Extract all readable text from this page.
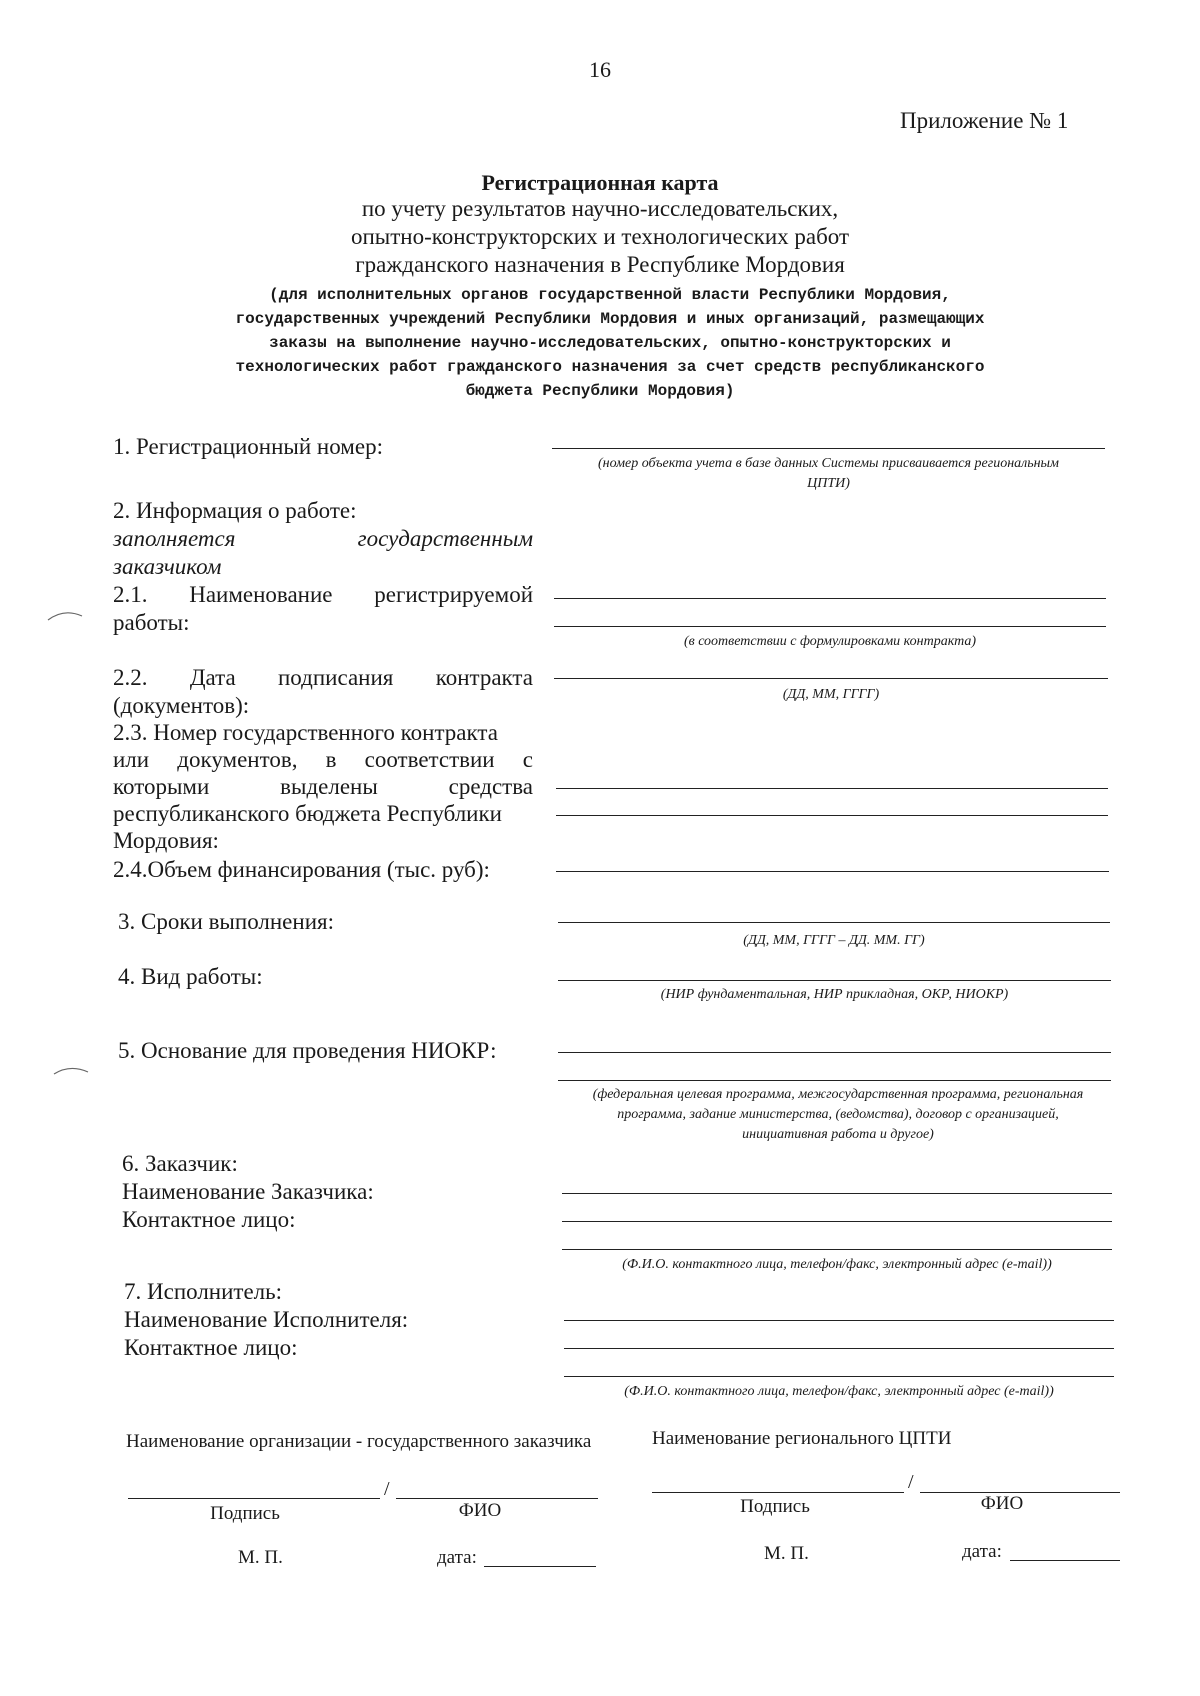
16
Приложение № 1
Регистрационная карта
по учету результатов научно-исследовательских,
опытно-конструкторских и технологических работ
гражданского назначения в Республике Мордовия
(для исполнительных органов государственной власти Республики Мордовия,
государственных учреждений Республики Мордовия и иных организаций, размещающих
заказы на выполнение научно-исследовательских, опытно-конструкторских и
технологических работ гражданского назначения за счет средств республиканского
бюджета Республики Мордовия)
1. Регистрационный номер:
(номер объекта учета в базе данных Системы присваивается региональным
ЦПТИ)
2. Информация о работе:
заполняется	государственным
заказчиком
2.1. Наименование регистрируемой
работы:
(в соответствии с формулировками контракта)
2.2. Дата подписания контракта
(документов):	(ДД, ММ, ГГГГ)
2.3. Номер государственного контракта
или документов, в соответствии с
которыми	выделены	средства
республиканского бюджета Республики
Мордовия:
2.4.Объем финансирования (тыс. руб):
3. Сроки выполнения:
(ДД, ММ, ГГГГ – ДД. ММ. ГГ)
4. Вид работы:
(НИР фундаментальная, НИР прикладная, ОКР, НИОКР)
5. Основание для проведения НИОКР:
(федеральная целевая программа, межгосударственная программа, региональная
программа, задание министерства, (ведомства), договор с организацией,
инициативная работа и другое)
6. Заказчик:
Наименование Заказчика:
Контактное лицо:
(Ф.И.О. контактного лица, телефон/факс, электронный адрес (e-mail))
7. Исполнитель:
Наименование Исполнителя:
Контактное лицо:
(Ф.И.О. контактного лица, телефон/факс, электронный адрес (e-mail))
Наименование организации - государственного заказчика
/
Подпись	ФИО
М. П.	дата:
Наименование регионального ЦПТИ
/
Подпись	ФИО
М. П.	дата:
